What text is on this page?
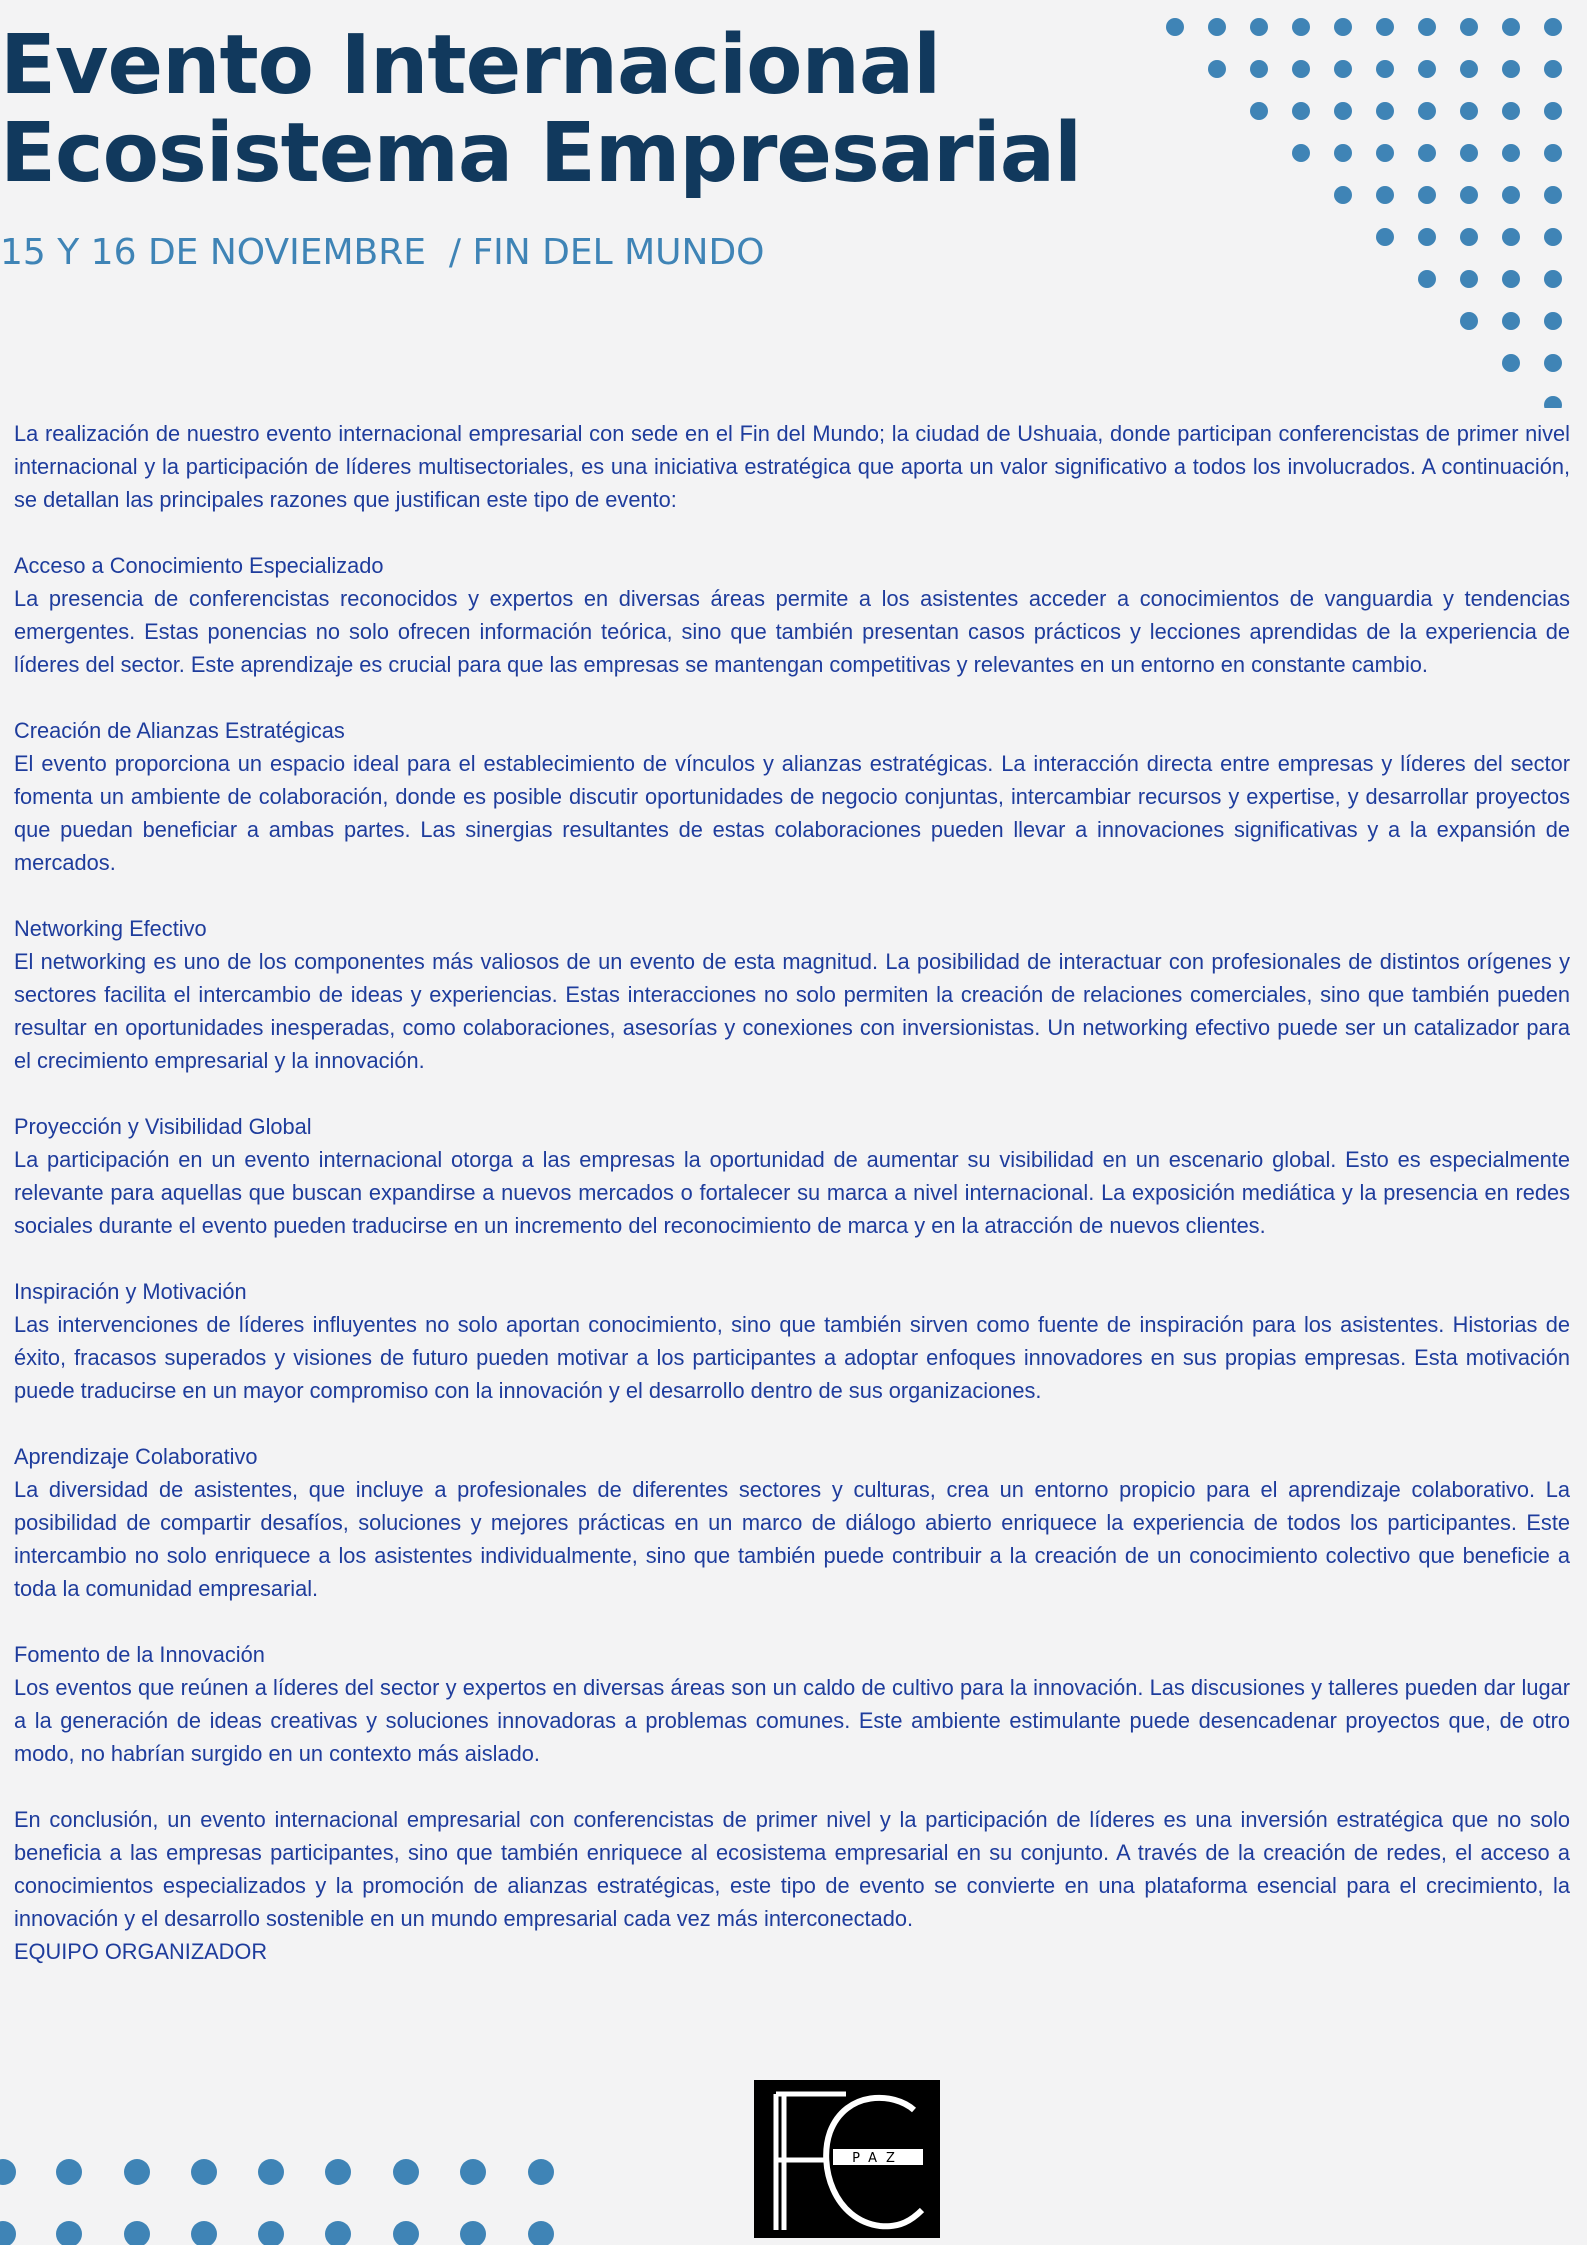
Evento Internacional
Ecosistema Empresarial
15 Y 16 DE NOVIEMBRE  / FIN DEL MUNDO

La realización de nuestro evento internacional empresarial con sede en el Fin del Mundo; la ciudad de Ushuaia, donde participan conferencistas de primer nivel internacional y la participación de líderes multisectoriales, es una iniciativa estratégica que aporta un valor significativo a todos los involucrados. A continuación, se detallan las principales razones que justifican este tipo de evento:

Acceso a Conocimiento Especializado
La presencia de conferencistas reconocidos y expertos en diversas áreas permite a los asistentes acceder a conocimientos de vanguardia y tendencias emergentes. Estas ponencias no solo ofrecen información teórica, sino que también presentan casos prácticos y lecciones aprendidas de la experiencia de líderes del sector. Este aprendizaje es crucial para que las empresas se mantengan competitivas y relevantes en un entorno en constante cambio.
Creación de Alianzas Estratégicas
El evento proporciona un espacio ideal para el establecimiento de vínculos y alianzas estratégicas. La interacción directa entre empresas y líderes del sector fomenta un ambiente de colaboración, donde es posible discutir oportunidades de negocio conjuntas, intercambiar recursos y expertise, y desarrollar proyectos que puedan beneficiar a ambas partes. Las sinergias resultantes de estas colaboraciones pueden llevar a innovaciones significativas y a la expansión de mercados.
Networking Efectivo
El networking es uno de los componentes más valiosos de un evento de esta magnitud. La posibilidad de interactuar con profesionales de distintos orígenes y sectores facilita el intercambio de ideas y experiencias. Estas interacciones no solo permiten la creación de relaciones comerciales, sino que también pueden resultar en oportunidades inesperadas, como colaboraciones, asesorías y conexiones con inversionistas. Un networking efectivo puede ser un catalizador para el crecimiento empresarial y la innovación.
Proyección y Visibilidad Global
La participación en un evento internacional otorga a las empresas la oportunidad de aumentar su visibilidad en un escenario global. Esto es especialmente relevante para aquellas que buscan expandirse a nuevos mercados o fortalecer su marca a nivel internacional. La exposición mediática y la presencia en redes sociales durante el evento pueden traducirse en un incremento del reconocimiento de marca y en la atracción de nuevos clientes.
Inspiración y Motivación
Las intervenciones de líderes influyentes no solo aportan conocimiento, sino que también sirven como fuente de inspiración para los asistentes. Historias de éxito, fracasos superados y visiones de futuro pueden motivar a los participantes a adoptar enfoques innovadores en sus propias empresas. Esta motivación puede traducirse en un mayor compromiso con la innovación y el desarrollo dentro de sus organizaciones.
Aprendizaje Colaborativo
La diversidad de asistentes, que incluye a profesionales de diferentes sectores y culturas, crea un entorno propicio para el aprendizaje colaborativo. La posibilidad de compartir desafíos, soluciones y mejores prácticas en un marco de diálogo abierto enriquece la experiencia de todos los participantes. Este intercambio no solo enriquece a los asistentes individualmente, sino que también puede contribuir a la creación de un conocimiento colectivo que beneficie a toda la comunidad empresarial.
Fomento de la Innovación
Los eventos que reúnen a líderes del sector y expertos en diversas áreas son un caldo de cultivo para la innovación. Las discusiones y talleres pueden dar lugar a la generación de ideas creativas y soluciones innovadoras a problemas comunes. Este ambiente estimulante puede desencadenar proyectos que, de otro modo, no habrían surgido en un contexto más aislado.
En conclusión, un evento internacional empresarial con conferencistas de primer nivel y la participación de líderes es una inversión estratégica que no solo beneficia a las empresas participantes, sino que también enriquece al ecosistema empresarial en su conjunto. A través de la creación de redes, el acceso a conocimientos especializados y la promoción de alianzas estratégicas, este tipo de evento se convierte en una plataforma esencial para el crecimiento, la innovación y el desarrollo sostenible en un mundo empresarial cada vez más interconectado.
EQUIPO ORGANIZADOR
PAZ
